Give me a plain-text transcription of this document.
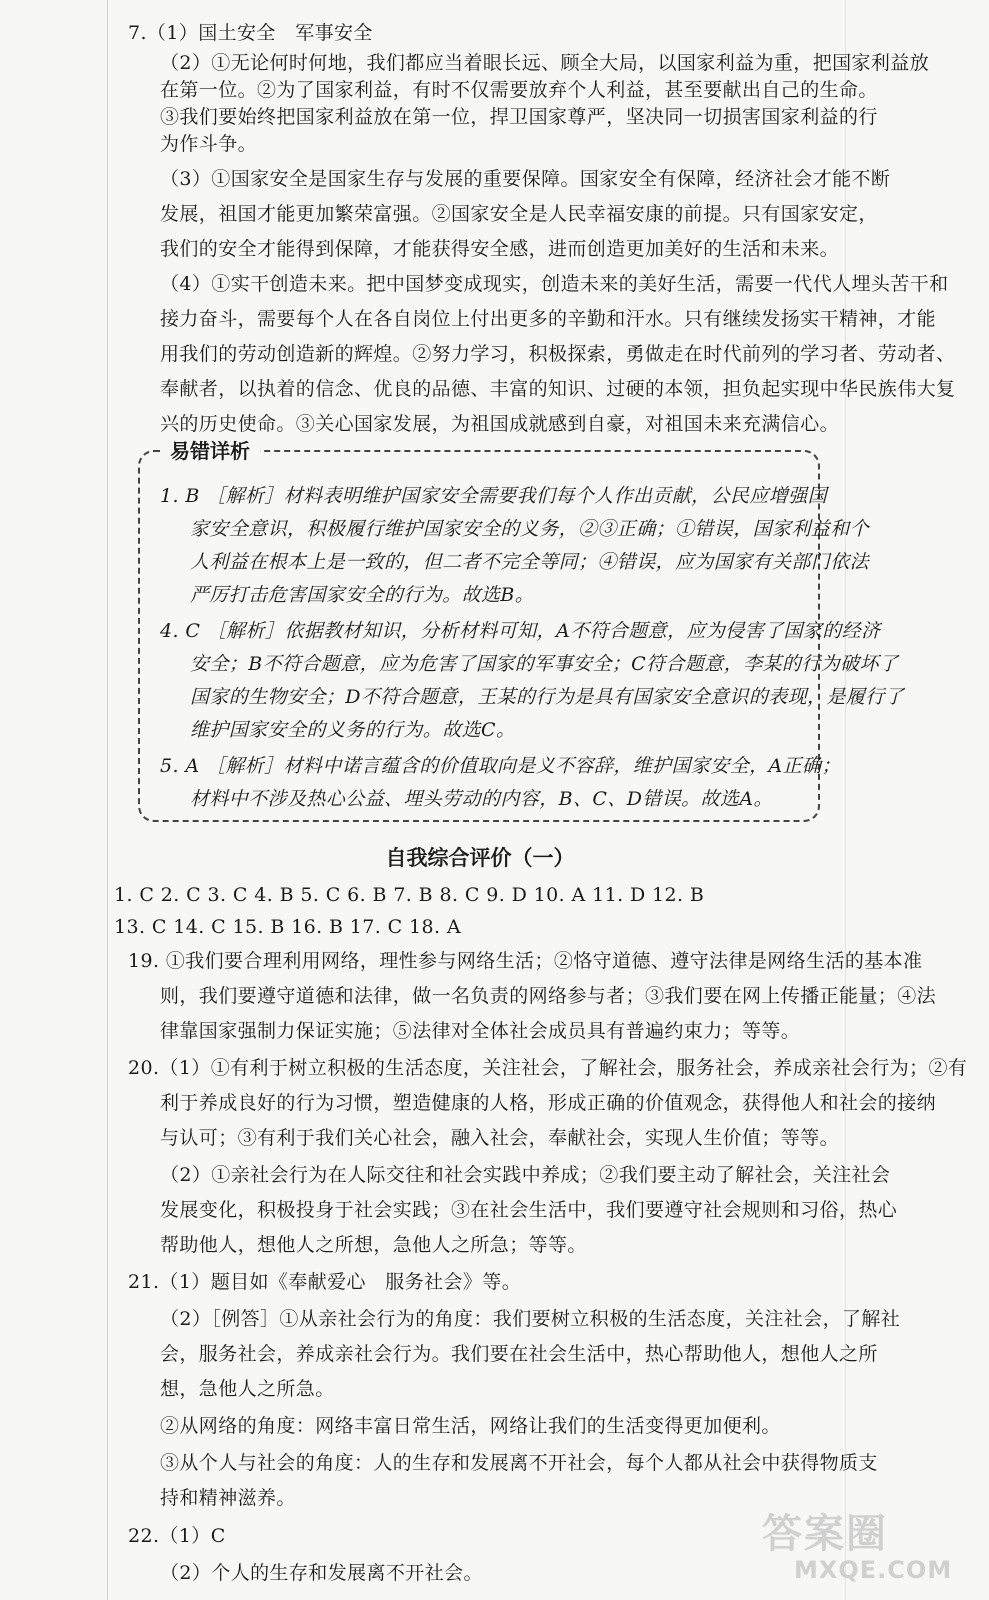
7.（1）国土安全　军事安全
（2）①无论何时何地，我们都应当着眼长远、顾全大局，以国家利益为重，把国家利益放
在第一位。②为了国家利益，有时不仅需要放弃个人利益，甚至要献出自己的生命。
③我们要始终把国家利益放在第一位，捍卫国家尊严，坚决同一切损害国家利益的行
为作斗争。
（3）①国家安全是国家生存与发展的重要保障。国家安全有保障，经济社会才能不断
发展，祖国才能更加繁荣富强。②国家安全是人民幸福安康的前提。只有国家安定，
我们的安全才能得到保障，才能获得安全感，进而创造更加美好的生活和未来。
（4）①实干创造未来。把中国梦变成现实，创造未来的美好生活，需要一代代人埋头苦干和
接力奋斗，需要每个人在各自岗位上付出更多的辛勤和汗水。只有继续发扬实干精神，才能
用我们的劳动创造新的辉煌。②努力学习，积极探索，勇做走在时代前列的学习者、劳动者、
奉献者，以执着的信念、优良的品德、丰富的知识、过硬的本领，担负起实现中华民族伟大复
易错详析
1. B ［解析］材料表明维护国家安全需要我们每个人作出贡献，公民应增强国
家安全意识，积极履行维护国家安全的义务，②③正确；①错误，国家利益和个
人利益在根本上是一致的，但二者不完全等同；④错误，应为国家有关部门依法
严厉打击危害国家安全的行为。故选B。
4. C ［解析］依据教材知识，分析材料可知，A不符合题意，应为侵害了国家的经济
安全；B不符合题意，应为危害了国家的军事安全；C符合题意，李某的行为破坏了
国家的生物安全；D不符合题意，王某的行为是具有国家安全意识的表现，是履行了
维护国家安全的义务的行为。故选C。
5. A ［解析］材料中诺言蕴含的价值取向是义不容辞，维护国家安全，A正确；
材料中不涉及热心公益、埋头劳动的内容，B、C、D错误。故选A。
自我综合评价（一）
1. C 2. C 3. C 4. B 5. C 6. B 7. B 8. C 9. D 10. A 11. D 12. B
13. C 14. C 15. B 16. B 17. C 18. A
19. ①我们要合理利用网络，理性参与网络生活；②恪守道德、遵守法律是网络生活的基本准
则，我们要遵守道德和法律，做一名负责的网络参与者；③我们要在网上传播正能量；④法
律靠国家强制力保证实施；⑤法律对全体社会成员具有普遍约束力；等等。
20.（1）①有利于树立积极的生活态度，关注社会，了解社会，服务社会，养成亲社会行为；②有
利于养成良好的行为习惯，塑造健康的人格，形成正确的价值观念，获得他人和社会的接纳
与认可；③有利于我们关心社会，融入社会，奉献社会，实现人生价值；等等。
（2）①亲社会行为在人际交往和社会实践中养成；②我们要主动了解社会，关注社会
发展变化，积极投身于社会实践；③在社会生活中，我们要遵守社会规则和习俗，热心
帮助他人，想他人之所想，急他人之所急；等等。
21.（1）题目如《奉献爱心　服务社会》等。
（2）［例答］①从亲社会行为的角度：我们要树立积极的生活态度，关注社会，了解社
会，服务社会，养成亲社会行为。我们要在社会生活中，热心帮助他人，想他人之所
想，急他人之所急。
②从网络的角度：网络丰富日常生活，网络让我们的生活变得更加便利。
③从个人与社会的角度：人的生存和发展离不开社会，每个人都从社会中获得物质支
持和精神滋养。
22.（1）C
（2）个人的生存和发展离不开社会。
答案圈
MXQE.COM
兴的历史使命。③关心国家发展，为祖国成就感到自豪，对祖国未来充满信心。
